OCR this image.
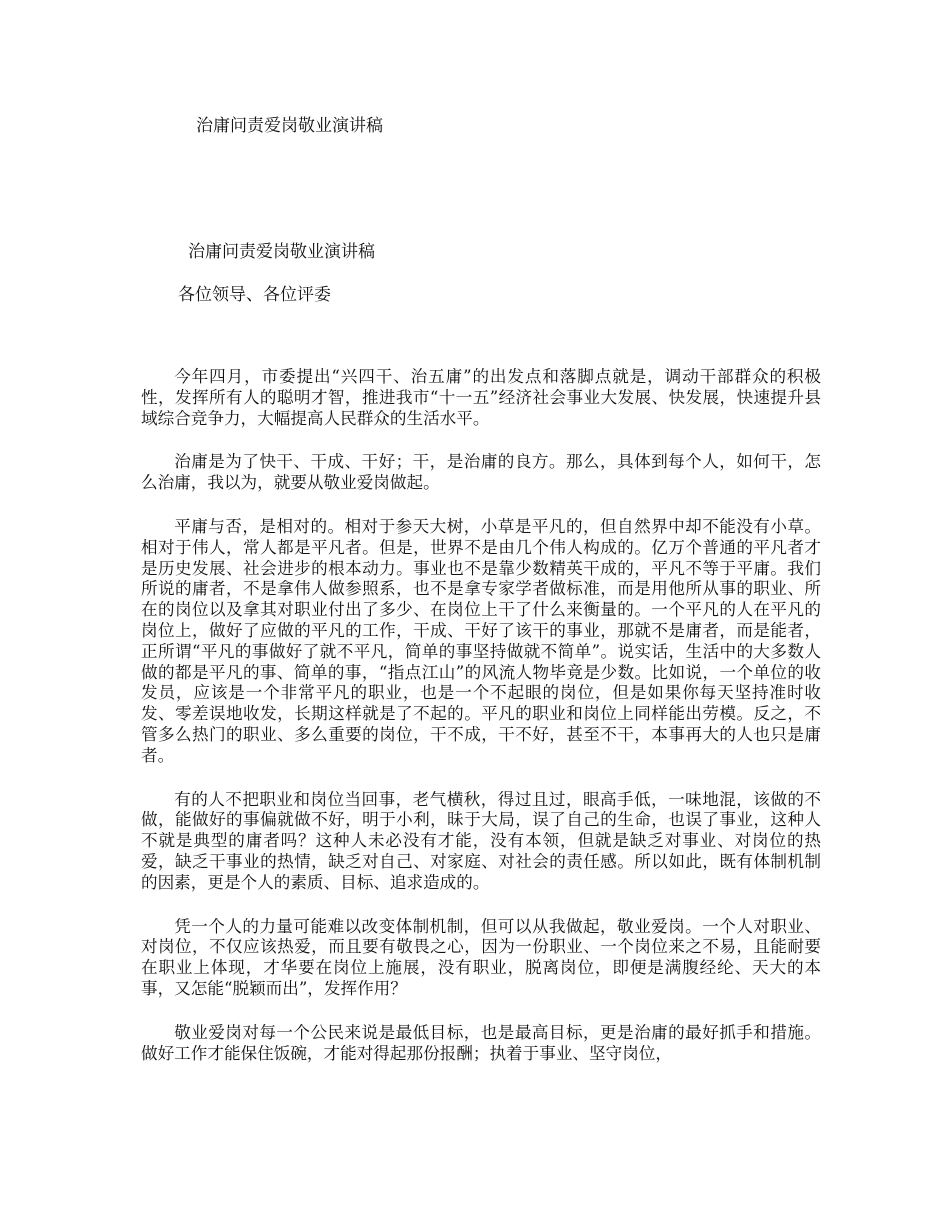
治庸问责爱岗敬业演讲稿
治庸问责爱岗敬业演讲稿
各位领导、各位评委

今年四月，市委提出“兴四干、治五庸”的出发点和落脚点就是，调动干部群众的积极性，发挥所有人的聪明才智，推进我市“十一五”经济社会事业大发展、快发展，快速提升县域综合竞争力，大幅提高人民群众的生活水平。

治庸是为了快干、干成、干好；干，是治庸的良方。那么，具体到每个人，如何干，怎么治庸，我以为，就要从敬业爱岗做起。

平庸与否，是相对的。相对于参天大树，小草是平凡的，但自然界中却不能没有小草。相对于伟人，常人都是平凡者。但是，世界不是由几个伟人构成的。亿万个普通的平凡者才是历史发展、社会进步的根本动力。事业也不是靠少数精英干成的，平凡不等于平庸。我们所说的庸者，不是拿伟人做参照系，也不是拿专家学者做标准，而是用他所从事的职业、所在的岗位以及拿其对职业付出了多少、在岗位上干了什么来衡量的。一个平凡的人在平凡的岗位上，做好了应做的平凡的工作，干成、干好了该干的事业，那就不是庸者，而是能者，正所谓“平凡的事做好了就不平凡，简单的事坚持做就不简单”。说实话，生活中的大多数人做的都是平凡的事、简单的事，“指点江山”的风流人物毕竟是少数。比如说，一个单位的收发员，应该是一个非常平凡的职业，也是一个不起眼的岗位，但是如果你每天坚持准时收发、零差误地收发，长期这样就是了不起的。平凡的职业和岗位上同样能出劳模。反之，不管多么热门的职业、多么重要的岗位，干不成，干不好，甚至不干，本事再大的人也只是庸者。

有的人不把职业和岗位当回事，老气横秋，得过且过，眼高手低，一味地混，该做的不做，能做好的事偏就做不好，明于小利，昧于大局，误了自己的生命，也误了事业，这种人不就是典型的庸者吗？这种人未必没有才能，没有本领，但就是缺乏对事业、对岗位的热爱，缺乏干事业的热情，缺乏对自己、对家庭、对社会的责任感。所以如此，既有体制机制的因素，更是个人的素质、目标、追求造成的。

凭一个人的力量可能难以改变体制机制，但可以从我做起，敬业爱岗。一个人对职业、对岗位，不仅应该热爱，而且要有敬畏之心，因为一份职业、一个岗位来之不易，且能耐要在职业上体现，才华要在岗位上施展，没有职业，脱离岗位，即便是满腹经纶、天大的本事，又怎能“脱颖而出”，发挥作用？

敬业爱岗对每一个公民来说是最低目标，也是最高目标，更是治庸的最好抓手和措施。做好工作才能保住饭碗，才能对得起那份报酬；执着于事业、坚守岗位，
